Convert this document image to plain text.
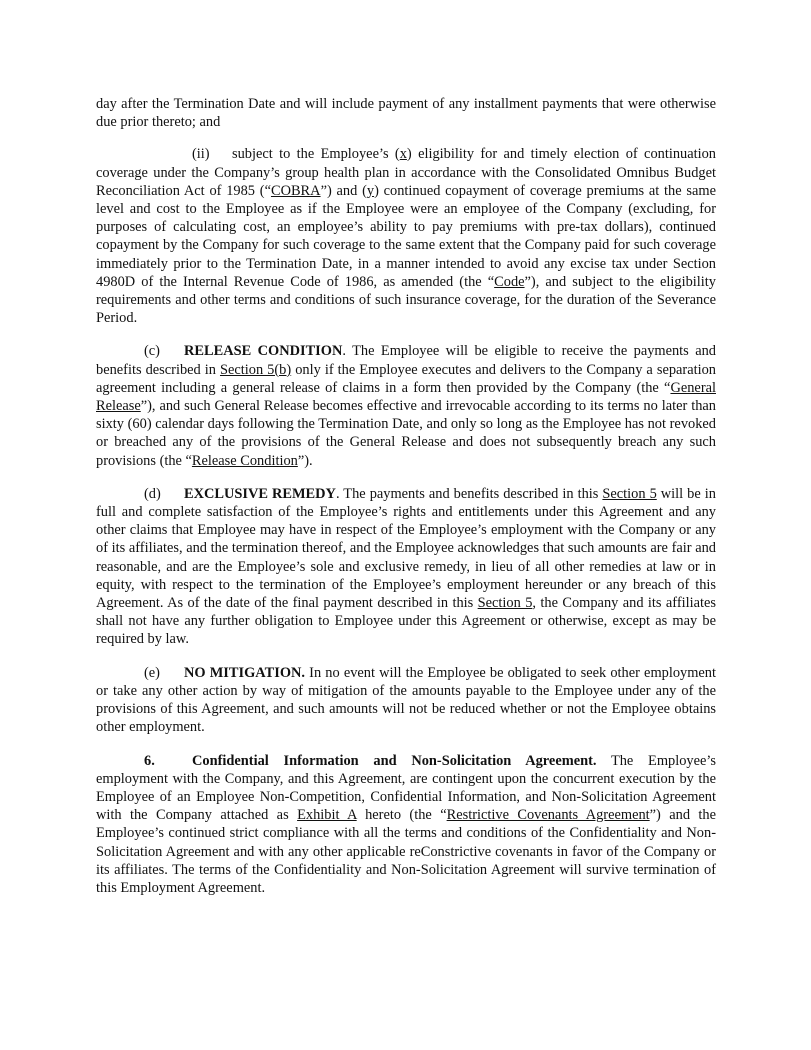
day after the Termination Date and will include payment of any installment payments that were otherwise due prior thereto; and

(ii) subject to the Employee’s (x) eligibility for and timely election of continuation coverage under the Company’s group health plan in accordance with the Consolidated Omnibus Budget Reconciliation Act of 1985 (“COBRA”) and (y) continued copayment of coverage premiums at the same level and cost to the Employee as if the Employee were an employee of the Company (excluding, for purposes of calculating cost, an employee’s ability to pay premiums with pre-tax dollars), continued copayment by the Company for such coverage to the same extent that the Company paid for such coverage immediately prior to the Termination Date, in a manner intended to avoid any excise tax under Section 4980D of the Internal Revenue Code of 1986, as amended (the “Code”), and subject to the eligibility requirements and other terms and conditions of such insurance coverage, for the duration of the Severance Period.

(c) RELEASE CONDITION. The Employee will be eligible to receive the payments and benefits described in Section 5(b) only if the Employee executes and delivers to the Company a separation agreement including a general release of claims in a form then provided by the Company (the “General Release”), and such General Release becomes effective and irrevocable according to its terms no later than sixty (60) calendar days following the Termination Date, and only so long as the Employee has not revoked or breached any of the provisions of the General Release and does not subsequently breach any such provisions (the “Release Condition”).

(d) EXCLUSIVE REMEDY. The payments and benefits described in this Section 5 will be in full and complete satisfaction of the Employee’s rights and entitlements under this Agreement and any other claims that Employee may have in respect of the Employee’s employment with the Company or any of its affiliates, and the termination thereof, and the Employee acknowledges that such amounts are fair and reasonable, and are the Employee’s sole and exclusive remedy, in lieu of all other remedies at law or in equity, with respect to the termination of the Employee’s employment hereunder or any breach of this Agreement. As of the date of the final payment described in this Section 5, the Company and its affiliates shall not have any further obligation to Employee under this Agreement or otherwise, except as may be required by law.

(e) NO MITIGATION. In no event will the Employee be obligated to seek other employment or take any other action by way of mitigation of the amounts payable to the Employee under any of the provisions of this Agreement, and such amounts will not be reduced whether or not the Employee obtains other employment.

6.	Confidential Information and Non-Solicitation Agreement. The Employee’s employment with the Company, and this Agreement, are contingent upon the concurrent execution by the Employee of an Employee Non-Competition, Confidential Information, and Non-Solicitation Agreement with the Company attached as Exhibit A hereto (the “Restrictive Covenants Agreement”) and the Employee’s continued strict compliance with all the terms and conditions of the Confidentiality and Non-Solicitation Agreement and with any other applicable reConstrictive covenants in favor of the Company or its affiliates. The terms of the Confidentiality and Non-Solicitation Agreement will survive termination of this Employment Agreement.
